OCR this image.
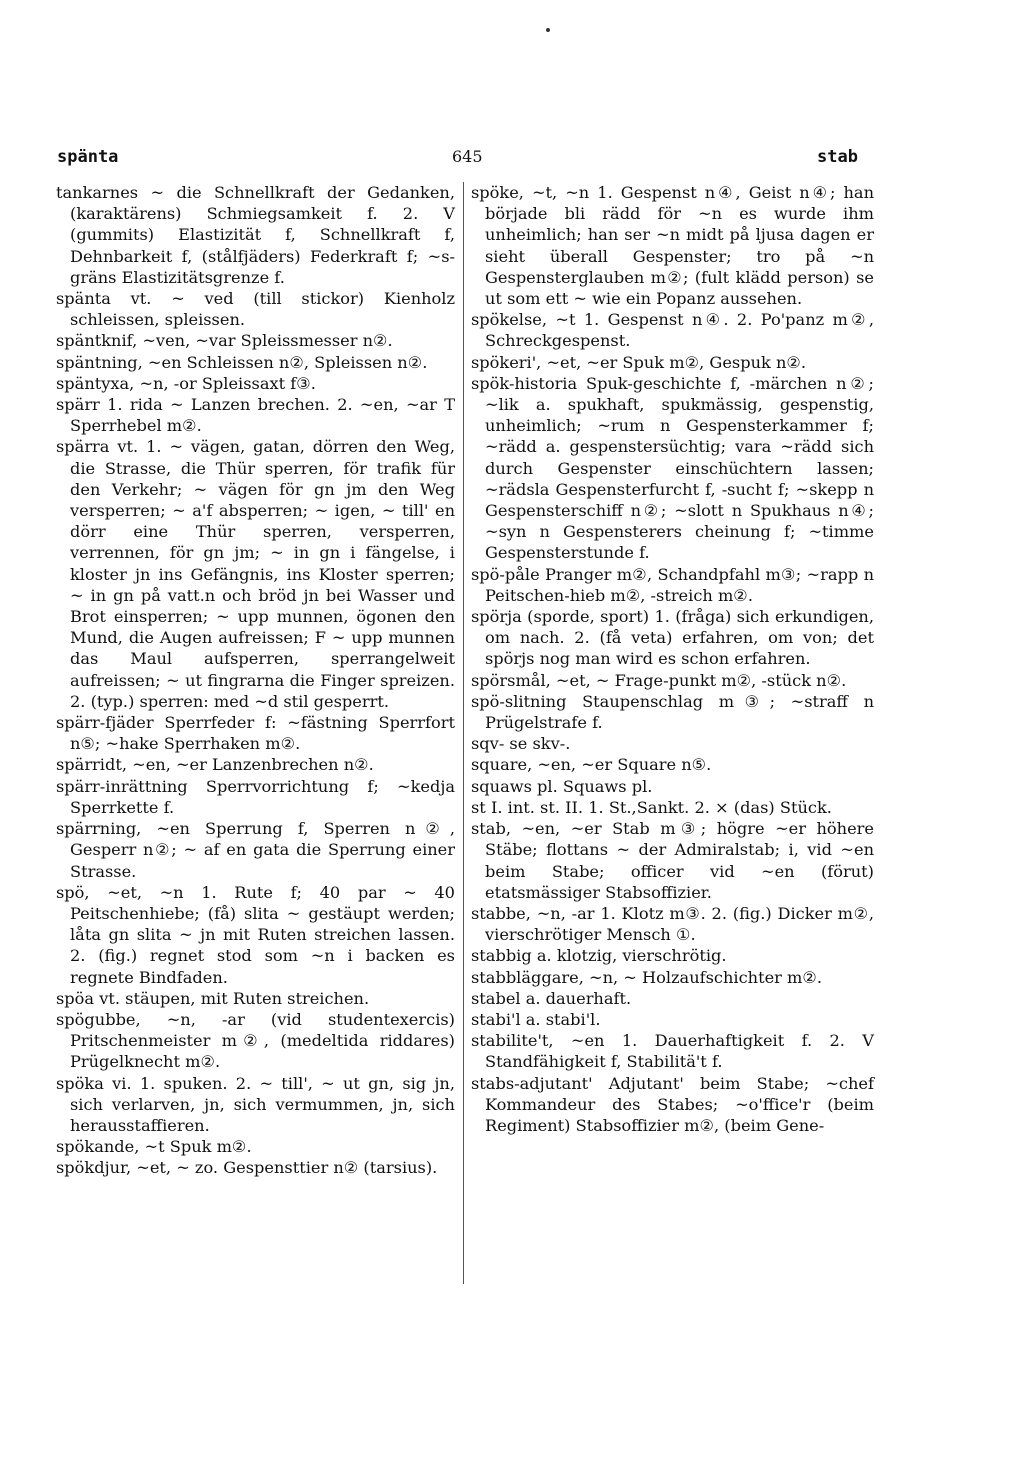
spänta	645	stab

tankarnes ~ die Schnellkraft der Gedanken, (karaktärens) Schmiegsamkeit f. 2. V (gummits) Elastizität f, Schnellkraft f, Dehnbarkeit f, (stålfjäders) Federkraft f; ~s-gräns Elastizitätsgrenze f.

spänta vt. ~ ved (till stickor) Kienholz schleissen, spleissen.

späntknif, ~ven, ~var Spleissmesser n②.

späntning, ~en Schleissen n②, Spleissen n②.

späntyxa, ~n, -or Spleissaxt f③.

spärr 1. rida ~ Lanzen brechen. 2. ~en, ~ar T Sperrhebel m②.

spärra vt. 1. ~ vägen, gatan, dörren den Weg, die Strasse, die Thür sperren, för trafik für den Verkehr; ~ vägen för gn jm den Weg versperren; ~ a'f absperren; ~ igen, ~ till' en dörr eine Thür sperren, versperren, verrennen, för gn jm; ~ in gn i fängelse, i kloster jn ins Gefängnis, ins Kloster sperren; ~ in gn på vatt.n och bröd jn bei Wasser und Brot einsperren; ~ upp munnen, ögonen den Mund, die Augen aufreissen; F ~ upp munnen das Maul aufsperren, sperrangelweit aufreissen; ~ ut fingrarna die Finger spreizen. 2. (typ.) sperren: med ~d stil gesperrt.

spärr-fjäder Sperrfeder f: ~fästning Sperrfort n⑤; ~hake Sperrhaken m②.

spärridt, ~en, ~er Lanzenbrechen n②.

spärr-inrättning Sperrvorrichtung f; ~kedja Sperrkette f.

spärrning, ~en Sperrung f, Sperren n②, Gesperr n②; ~ af en gata die Sperrung einer Strasse.

spö, ~et, ~n 1. Rute f; 40 par ~ 40 Peitschenhiebe; (få) slita ~ gestäupt werden; låta gn slita ~ jn mit Ruten streichen lassen. 2. (fig.) regnet stod som ~n i backen es regnete Bindfaden.

spöa vt. stäupen, mit Ruten streichen.

spögubbe, ~n, -ar (vid studentexercis) Pritschenmeister m②, (medeltida riddares) Prügelknecht m②.

spöka vi. 1. spuken. 2. ~ till', ~ ut gn, sig jn, sich verlarven, jn, sich vermummen, jn, sich herausstaffieren.

spökande, ~t Spuk m②.

spökdjur, ~et, ~ zo. Gespensttier n② (tarsius).

spöke, ~t, ~n 1. Gespenst n④, Geist n④; han började bli rädd för ~n es wurde ihm unheimlich; han ser ~n midt på ljusa dagen er sieht überall Gespenster; tro på ~n Gespensterglauben m②; (fult klädd person) se ut som ett ~ wie ein Popanz aussehen.

spökelse, ~t 1. Gespenst n④. 2. Po'panz m②, Schreckgespenst.

spökeri', ~et, ~er Spuk m②, Gespuk n②.

spök-historia Spuk-geschichte f, -märchen n②; ~lik a. spukhaft, spukmässig, gespenstig, unheimlich; ~rum n Gespensterkammer f; ~rädd a. gespenstersüchtig; vara ~rädd sich durch Gespenster einschüchtern lassen; ~rädsla Gespensterfurcht f, -sucht f; ~skepp n Gespensterschiff n②; ~slott n Spukhaus n④; ~syn n Gespensterers cheinung f; ~timme Gespensterstunde f.

spö-påle Pranger m②, Schandpfahl m③; ~rapp n Peitschen-hieb m②, -streich m②.

spörja (sporde, sport) 1. (fråga) sich erkundigen, om nach. 2. (få veta) erfahren, om von; det spörjs nog man wird es schon erfahren.

spörsmål, ~et, ~ Frage-punkt m②, -stück n②.

spö-slitning Staupenschlag m③; ~straff n Prügelstrafe f.

sqv- se skv-.

square, ~en, ~er Square n⑤.

squaws pl. Squaws pl.

st I. int. st. II. 1. St.,Sankt. 2. × (das) Stück.

stab, ~en, ~er Stab m③; högre ~er höhere Stäbe; flottans ~ der Admiralstab; i, vid ~en beim Stabe; officer vid ~en (förut) etatsmässiger Stabsoffizier.

stabbe, ~n, -ar 1. Klotz m③. 2. (fig.) Dicker m②, vierschrötiger Mensch ①.

stabbig a. klotzig, vierschrötig.

stabbläggare, ~n, ~ Holzaufschichter m②.

stabel a. dauerhaft.

stabi'l a. stabi'l.

stabilite't, ~en 1. Dauerhaftigkeit f. 2. V Standfähigkeit f, Stabilitä't f.

stabs-adjutant' Adjutant' beim Stabe; ~chef Kommandeur des Stabes; ~o'ffice'r (beim Regiment) Stabsoffizier m②, (beim Gene-
